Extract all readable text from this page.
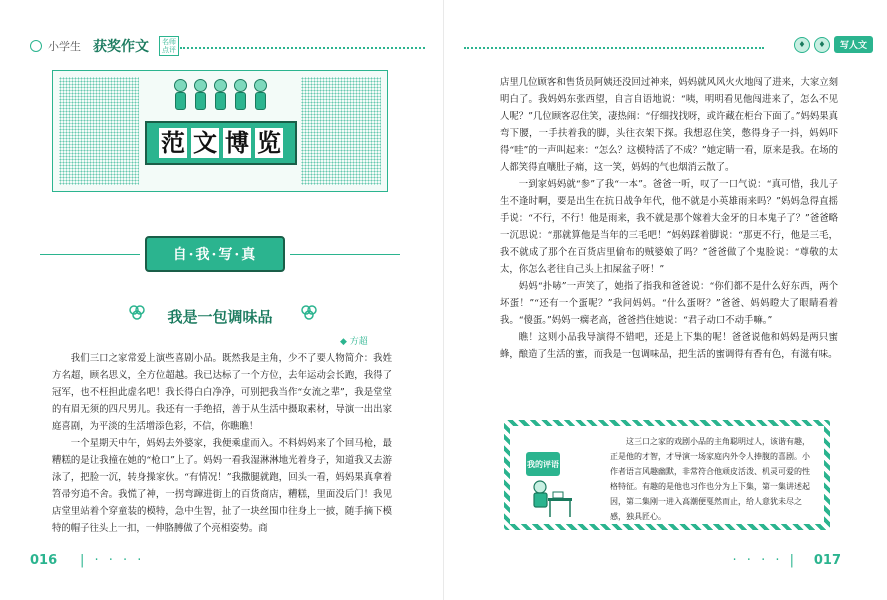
小学生 获奖作文 名师
点评
范 文 博 览
自·我·写·真
我是一包调味品
◆ 方超

我们三口之家常爱上演些喜剧小品。既然我是主角，少不了要人物简介：我姓方名超，顾名思义，全方位超越。我已达标了一个方位，去年运动会长跑，我得了冠军，也不枉担此虚名吧！我长得白白净净，可别把我当作“女流之辈”，我是堂堂的有眉无须的四尺男儿。我还有一手绝招，善于从生活中摄取素材，导演一出出家庭喜剧，为平淡的生活增添色彩，不信，你瞧瞧！

一个星期天中午，妈妈去外婆家，我便乘虚而入。不料妈妈来了个回马枪，最糟糕的是让我撞在她的“枪口”上了。妈妈一看我湿淋淋地光着身子，知道我又去游泳了，把脸一沉，转身操家伙。“有情况！”我撒腿就跑，回头一看，妈妈果真拿着笤帚穷追不舍。我慌了神，一拐弯蹿进街上的百货商店，糟糕，里面没后门！我见店堂里站着个穿童装的模特，急中生智，扯了一块丝围巾往身上一披，随手摘下模特的帽子往头上一扣，一伸胳膊做了个亮相姿势。商

016 | · · · ·
♦	♦	写人文

店里几位顾客和售货员阿姨还没回过神来，妈妈就风风火火地闯了进来，大家立刻明白了。我妈妈东张西望，自言自语地说：“咦，明明看见他闯进来了，怎么不见人呢？”几位顾客忍住笑，凄热闹：“仔细找找呀，或许藏在柜台下面了。”妈妈果真弯下腰，一手扶着我的脚，头往衣架下探。我想忍住笑，憋得身子一抖，妈妈吓得“哇”的一声叫起来：“怎么？这模特活了不成？”她定睛一看，原来是我。在场的人都笑得直嚷肚子痛，这一笑，妈妈的气也烟消云散了。

一到家妈妈就“参”了我“一本”。爸爸一听，叹了一口气说：“真可惜，我儿子生不逢时啊，要是出生在抗日战争年代，他不就是小英雄雨来吗？”妈妈急得直摇手说：“不行，不行！他是雨来，我不就是那个嫁着大金牙的日本鬼子了？”爸爸略一沉思说：“那就算他是当年的三毛吧！”妈妈踩着脚说：“那更不行，他是三毛，我不就成了那个在百货店里偷布的贼婆娘了吗？”爸爸做了个鬼脸说：“尊敬的太太，你怎么老往自己头上扣屎盆子呀！”

妈妈“扑哧”一声笑了，她指了指我和爸爸说：“你们都不是什么好东西，两个坏蛋！”“还有一个蛋呢？”我问妈妈。“什么蛋呀？”爸爸、妈妈瞪大了眼睛看着我。“傻蛋。”妈妈一瘸老高，爸爸挡住她说：“君子动口不动手嘛。”

瞧！这则小品我导演得不错吧，还是上下集的呢！爸爸说他和妈妈是两只蜜蜂，酿造了生活的蜜，而我是一包调味品，把生活的蜜调得有香有色，有滋有味。

我的评语
这三口之家的戏剧小品的主角聪明过人，该谐有趣，正是他的才智，才导演一场家庭内外令人捧腹的喜剧。小作者语言风趣幽默，非常符合他顽皮活泼、机灵可爱的性格特征。有趣的是他也习作也分为上下集，第一集讲述起因，第二集刚一进入高潮便戛然而止，给人意犹未尽之感，独具匠心。
· · · · | 017
